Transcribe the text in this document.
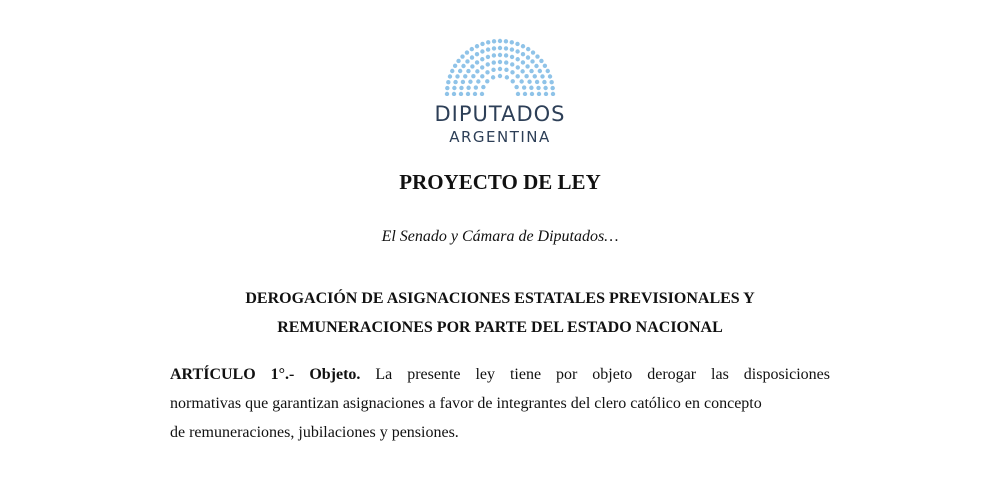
DIPUTADOS

ARGENTINA

PROYECTO DE LEY

El Senado y Cámara de Diputados…

DEROGACIÓN DE ASIGNACIONES ESTATALES PREVISIONALES Y
REMUNERACIONES POR PARTE DEL ESTADO NACIONAL
ARTÍCULO 1°.- Objeto. La presente ley tiene por objeto derogar las disposiciones
normativas que garantizan asignaciones a favor de integrantes del clero católico en concepto
de remuneraciones, jubilaciones y pensiones.
